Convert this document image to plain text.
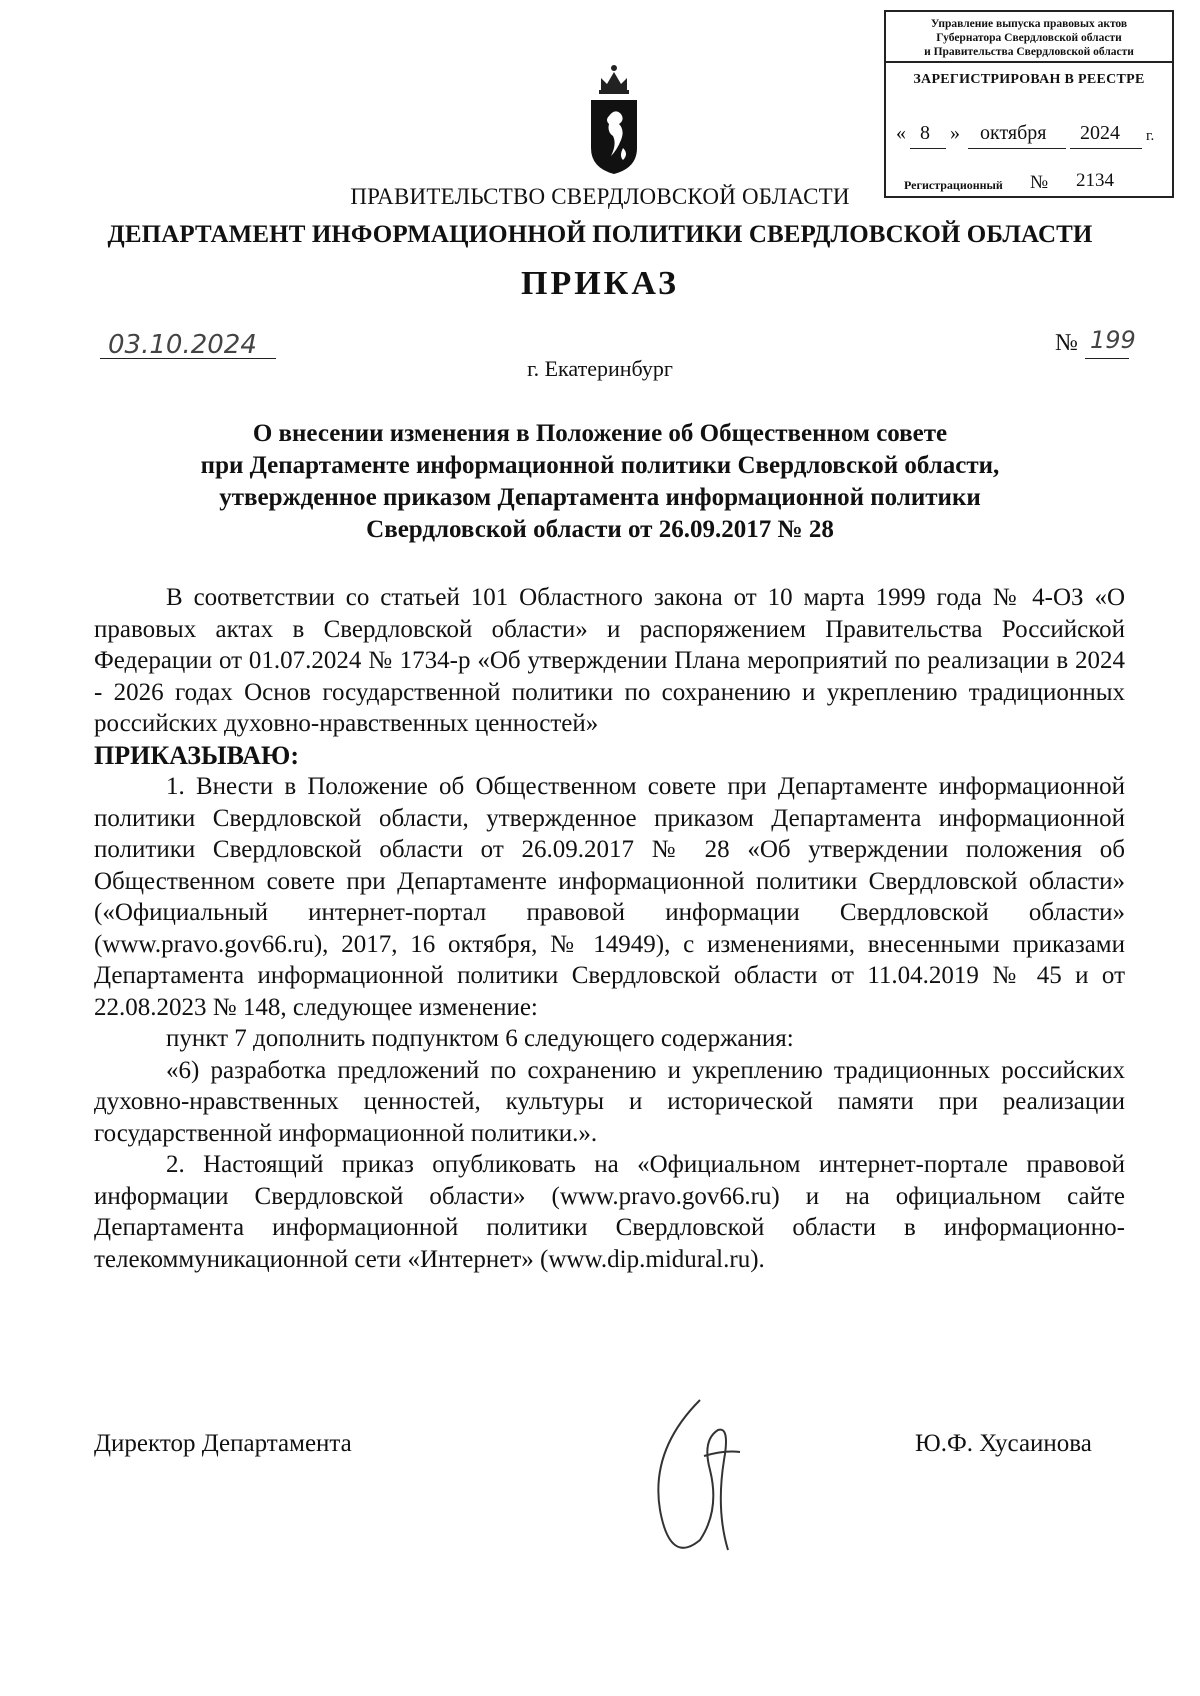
Управление выпуска правовых актов
Губернатора Свердловской области
и Правительства Свердловской области
ЗАРЕГИСТРИРОВАН В РЕЕСТРЕ
« 8 » октября 2024 г.
Регистрационный № 2134
ПРАВИТЕЛЬСТВО СВЕРДЛОВСКОЙ ОБЛАСТИ
ДЕПАРТАМЕНТ ИНФОРМАЦИОННОЙ ПОЛИТИКИ СВЕРДЛОВСКОЙ ОБЛАСТИ
ПРИКАЗ
03.10.2024	№ 199
г. Екатеринбург
О внесении изменения в Положение об Общественном совете
при Департаменте информационной политики Свердловской области,
утвержденное приказом Департамента информационной политики
Свердловской области от 26.09.2017 № 28

В соответствии со статьей 101 Областного закона от 10 марта 1999 года № 4-ОЗ «О правовых актах в Свердловской области» и распоряжением Правительства Российской Федерации от 01.07.2024 № 1734-р «Об утверждении Плана мероприятий по реализации в 2024 - 2026 годах Основ государственной политики по сохранению и укреплению традиционных российских духовно-нравственных ценностей»

ПРИКАЗЫВАЮ:

1. Внести в Положение об Общественном совете при Департаменте информационной политики Свердловской области, утвержденное приказом Департамента информационной политики Свердловской области от 26.09.2017 № 28 «Об утверждении положения об Общественном совете при Департаменте информационной политики Свердловской области» («Официальный интернет-портал правовой информации Свердловской области» (www.pravo.gov66.ru), 2017, 16 октября, № 14949), с изменениями, внесенными приказами Департамента информационной политики Свердловской области от 11.04.2019 № 45 и от 22.08.2023 № 148, следующее изменение:

пункт 7 дополнить подпунктом 6 следующего содержания:

«6) разработка предложений по сохранению и укреплению традиционных российских духовно-нравственных ценностей, культуры и исторической памяти при реализации государственной информационной политики.».

2. Настоящий приказ опубликовать на «Официальном интернет-портале правовой информации Свердловской области» (www.pravo.gov66.ru) и на официальном сайте Департамента информационной политики Свердловской области в информационно-телекоммуникационной сети «Интернет» (www.dip.midural.ru).

Директор Департамента	Ю.Ф. Хусаинова
